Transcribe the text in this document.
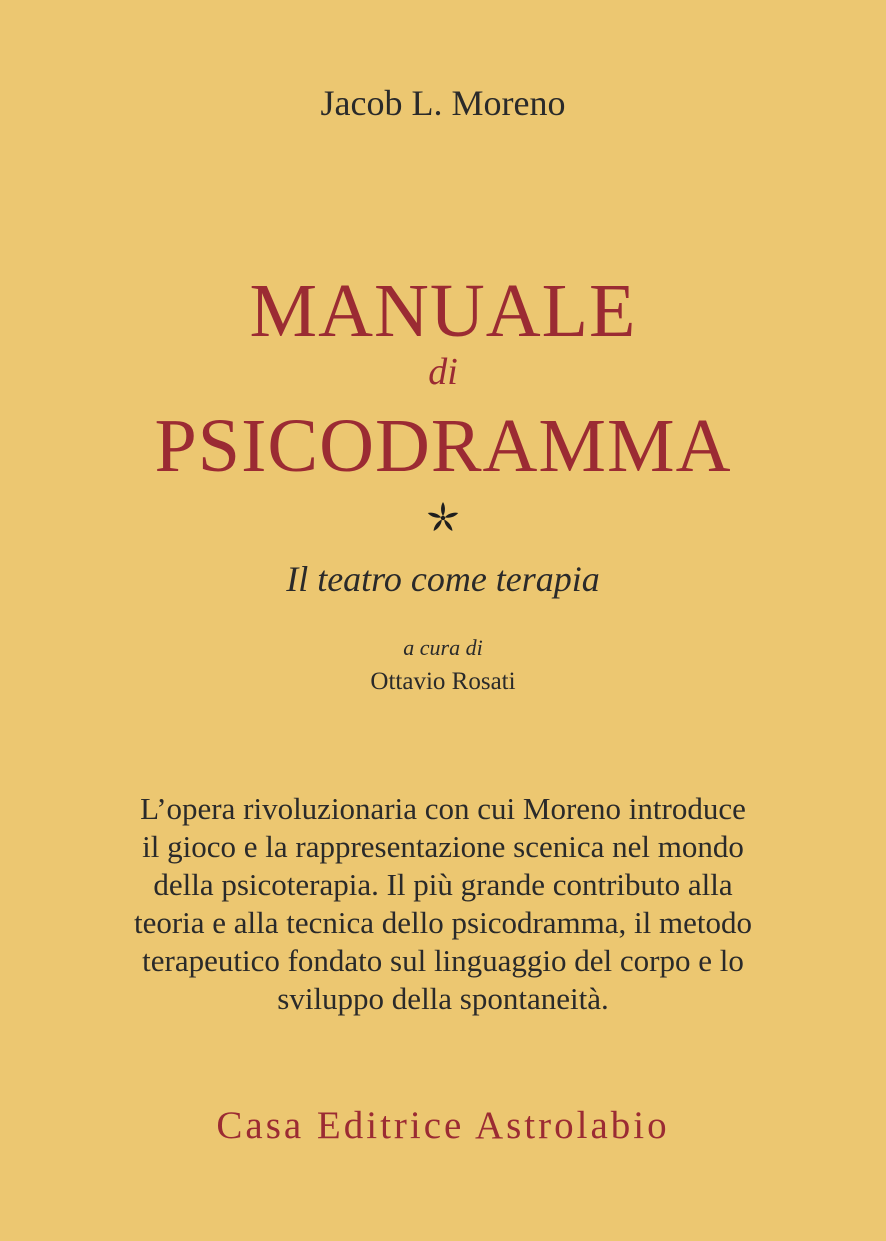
Jacob L. Moreno
MANUALE
di
PSICODRAMMA
Il teatro come terapia
a cura di
Ottavio Rosati
L’opera rivoluzionaria con cui Moreno introduce
il gioco e la rappresentazione scenica nel mondo
della psicoterapia. Il più grande contributo alla
teoria e alla tecnica dello psicodramma, il metodo
terapeutico fondato sul linguaggio del corpo e lo
sviluppo della spontaneità.
Casa Editrice Astrolabio
